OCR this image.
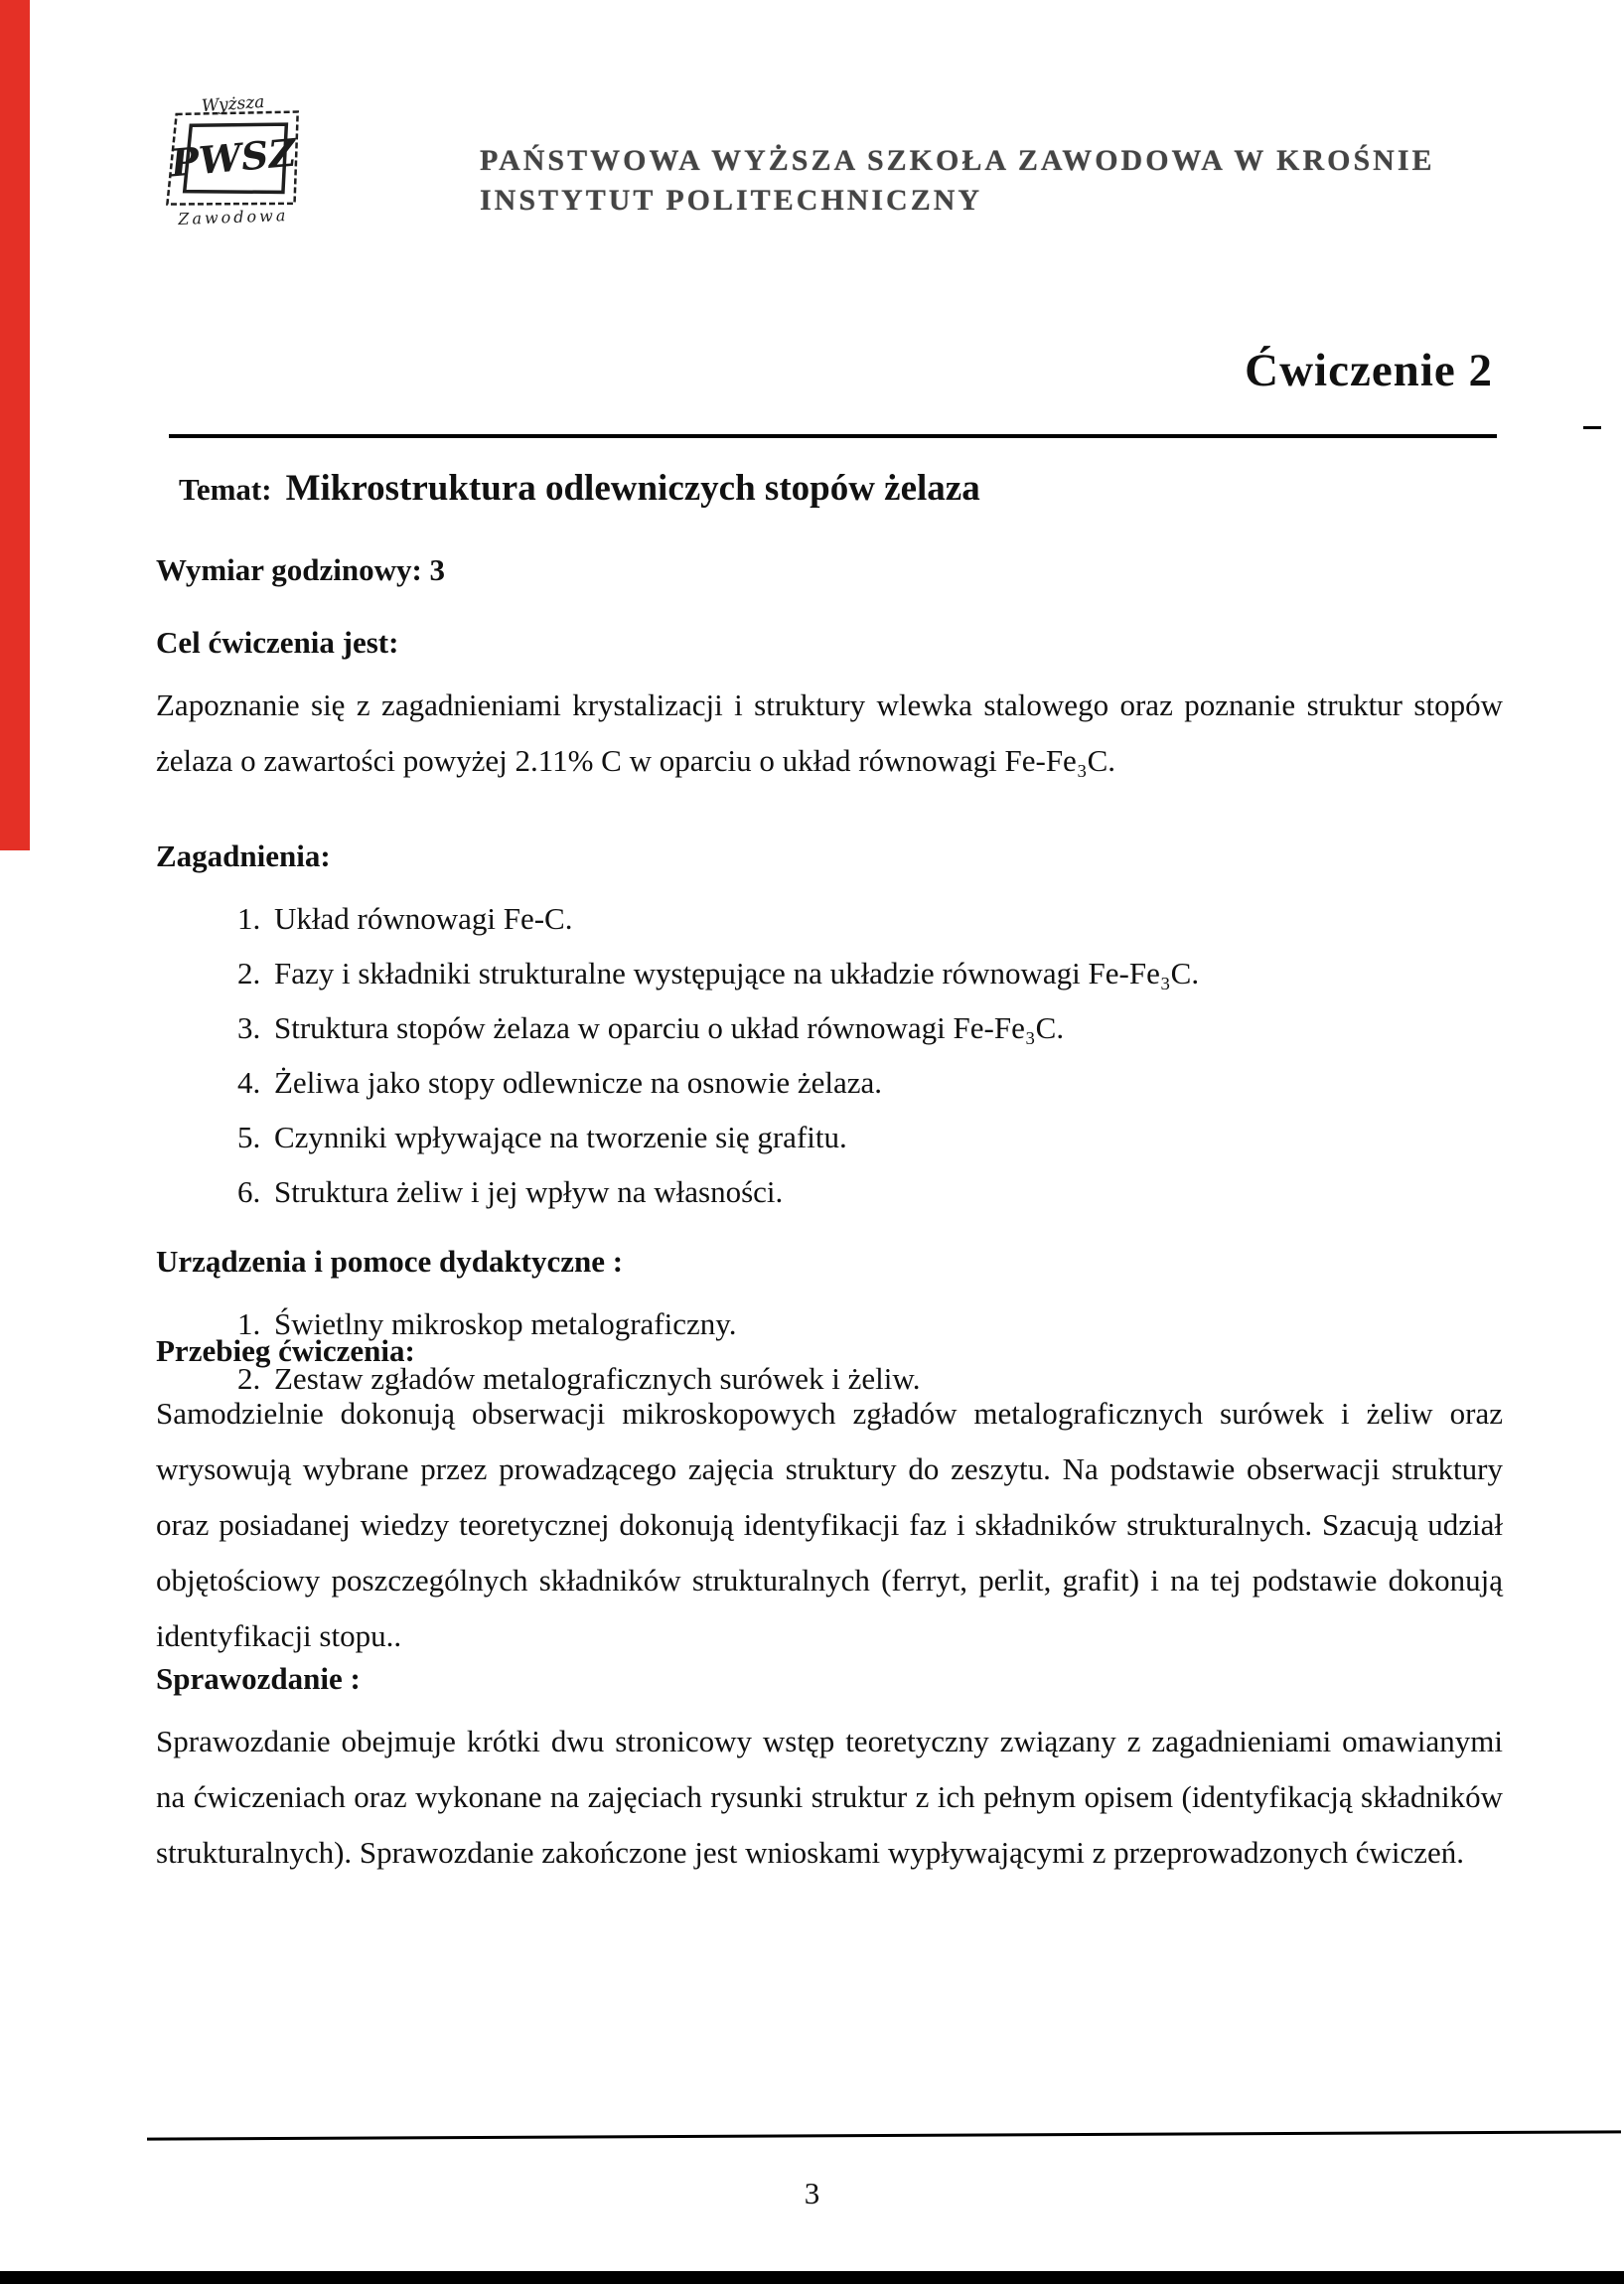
Wyższa
PWSZ
Zawodowa
PAŃSTWOWA WYŻSZA SZKOŁA ZAWODOWA W KROŚNIE
INSTYTUT POLITECHNICZNY
Ćwiczenie 2
Temat: Mikrostruktura odlewniczych stopów żelaza
Wymiar godzinowy: 3
Cel ćwiczenia jest:

Zapoznanie się z zagadnieniami krystalizacji i struktury wlewka stalowego oraz poznanie struktur stopów żelaza o zawartości powyżej 2.11% C w oparciu o układ równowagi Fe-Fe₃C.

Zagadnienia:
1. Układ równowagi Fe-C.
2. Fazy i składniki strukturalne występujące na układzie równowagi Fe-Fe₃C.
3. Struktura stopów żelaza w oparciu o układ równowagi Fe-Fe₃C.
4. Żeliwa jako stopy odlewnicze na osnowie żelaza.
5. Czynniki wpływające na tworzenie się grafitu.
6. Struktura żeliw i jej wpływ na własności.
Urządzenia i pomoce dydaktyczne :
1. Świetlny mikroskop metalograficzny.
2. Zestaw zgładów metalograficznych surówek i żeliw.
Przebieg ćwiczenia:

Samodzielnie dokonują obserwacji mikroskopowych zgładów metalograficznych surówek i żeliw oraz wrysowują wybrane przez prowadzącego zajęcia struktury do zeszytu. Na podstawie obserwacji struktury oraz posiadanej wiedzy teoretycznej dokonują identyfikacji faz i składników strukturalnych. Szacują udział objętościowy poszczególnych składników strukturalnych (ferryt, perlit, grafit) i na tej podstawie dokonują identyfikacji stopu..

Sprawozdanie :

Sprawozdanie obejmuje krótki dwu stronicowy wstęp teoretyczny związany z zagadnieniami omawianymi na ćwiczeniach oraz wykonane na zajęciach rysunki struktur z ich pełnym opisem (identyfikacją składników strukturalnych). Sprawozdanie zakończone jest wnioskami wypływającymi z przeprowadzonych ćwiczeń.

3
